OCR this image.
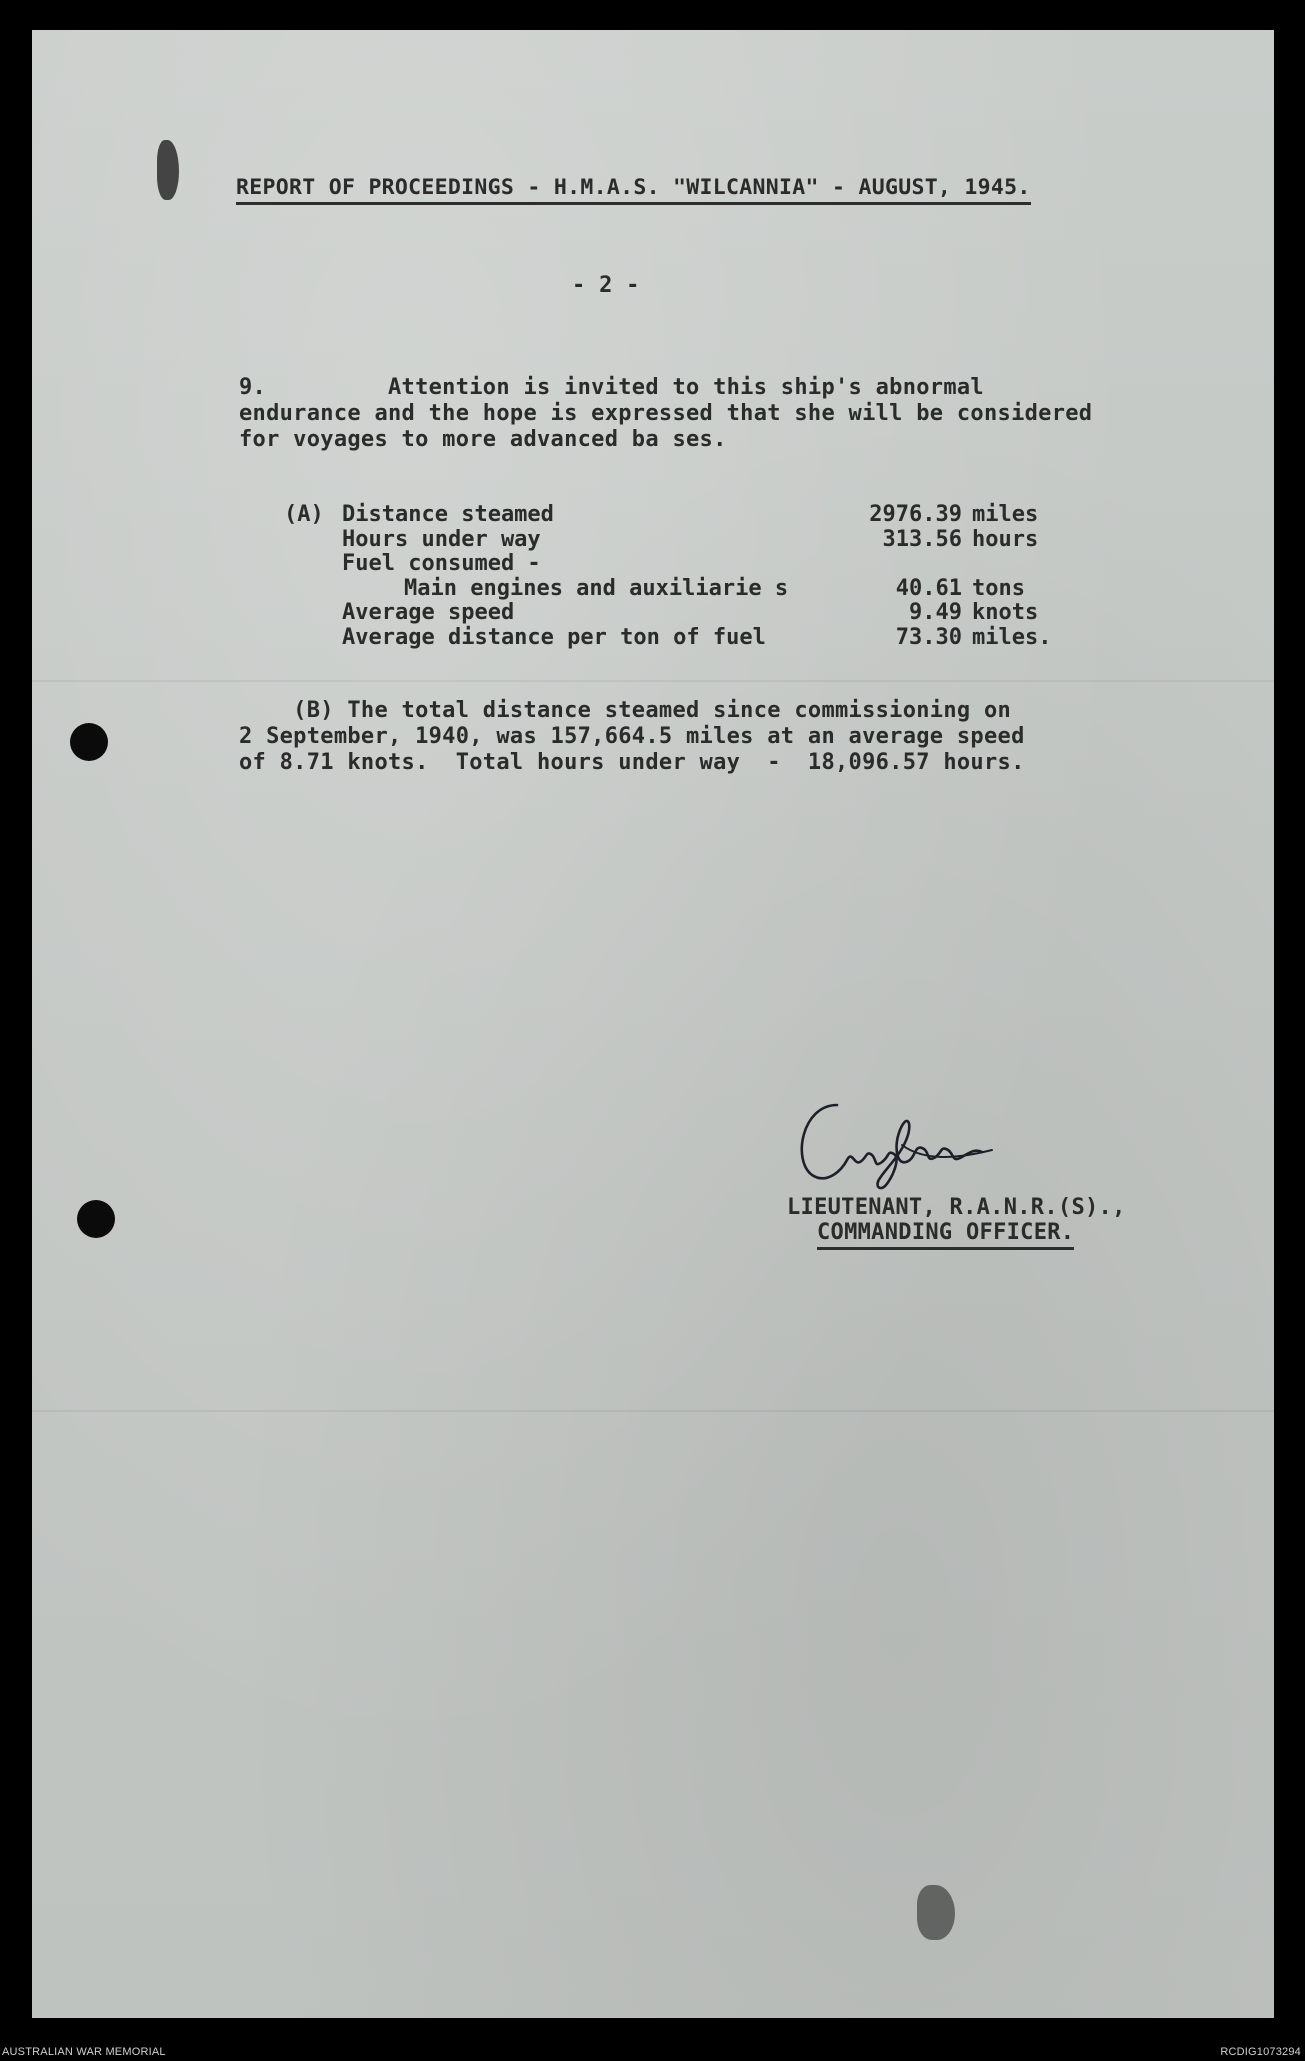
REPORT OF PROCEEDINGS - H.M.A.S. "WILCANNIA" - AUGUST, 1945.
- 2 -
9.         Attention is invited to this ship's abnormal
endurance and the hope is expressed that she will be considered
for voyages to more advanced ba ses.
(A) Distance steamed	2976.39 miles
Hours under way	313.56 hours
Fuel consumed -
Main engines and auxiliarie s	40.61 tons
Average speed	9.49 knots
Average distance per ton of fuel	73.30 miles.
(B) The total distance steamed since commissioning on
2 September, 1940, was 157,664.5 miles at an average speed
of 8.71 knots.  Total hours under way  -  18,096.57 hours.
LIEUTENANT, R.A.N.R.(S).,
COMMANDING OFFICER.
AUSTRALIAN WAR MEMORIAL	RCDIG1073294
